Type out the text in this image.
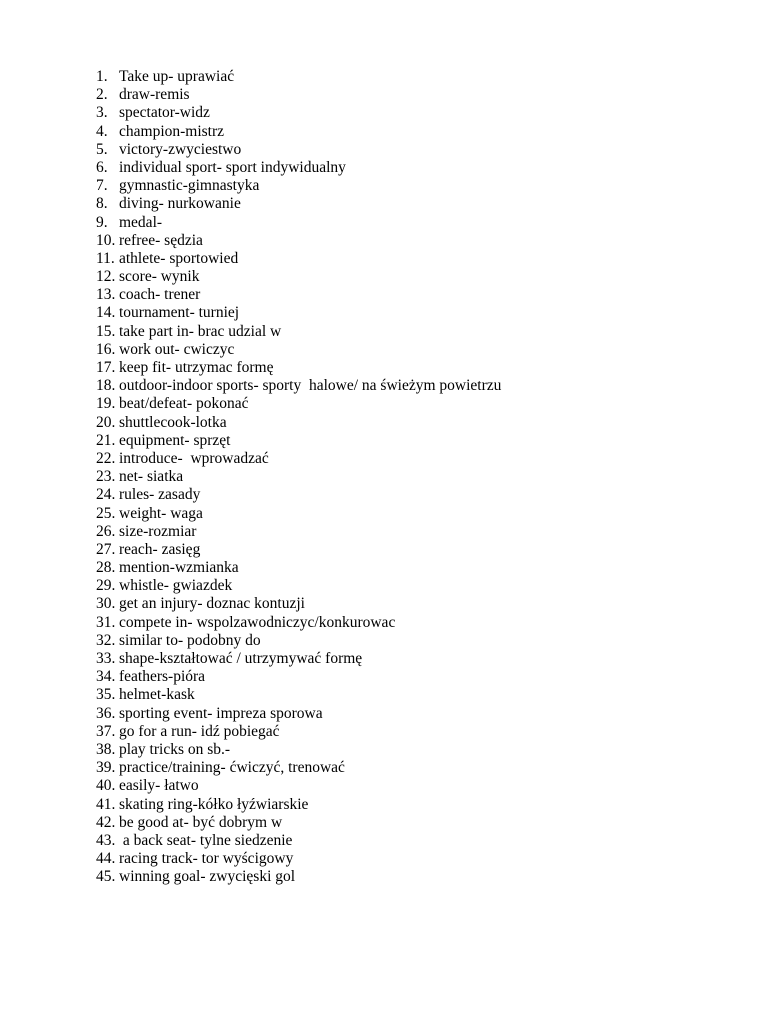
1. Take up- uprawiać
2. draw-remis
3. spectator-widz
4. champion-mistrz
5. victory-zwyciestwo
6. individual sport- sport indywidualny
7. gymnastic-gimnastyka
8. diving- nurkowanie
9. medal-
10. refree- sędzia
11. athlete- sportowied
12. score- wynik
13. coach- trener
14. tournament- turniej
15. take part in- brac udzial w
16. work out- cwiczyc
17. keep fit- utrzymac formę
18. outdoor-indoor sports- sporty  halowe/ na świeżym powietrzu
19. beat/defeat- pokonać
20. shuttlecook-lotka
21. equipment- sprzęt
22. introduce-  wprowadzać
23. net- siatka
24. rules- zasady
25. weight- waga
26. size-rozmiar
27. reach- zasięg
28. mention-wzmianka
29. whistle- gwiazdek
30. get an injury- doznac kontuzji
31. compete in- wspolzawodniczyc/konkurowac
32. similar to- podobny do
33. shape-kształtować / utrzymywać formę
34. feathers-pióra
35. helmet-kask
36. sporting event- impreza sporowa
37. go for a run- idź pobiegać
38. play tricks on sb.-
39. practice/training- ćwiczyć, trenować
40. easily- łatwo
41. skating ring-kółko łyźwiarskie
42. be good at- być dobrym w
43. a back seat- tylne siedzenie
44. racing track- tor wyścigowy
45. winning goal- zwycięski gol
